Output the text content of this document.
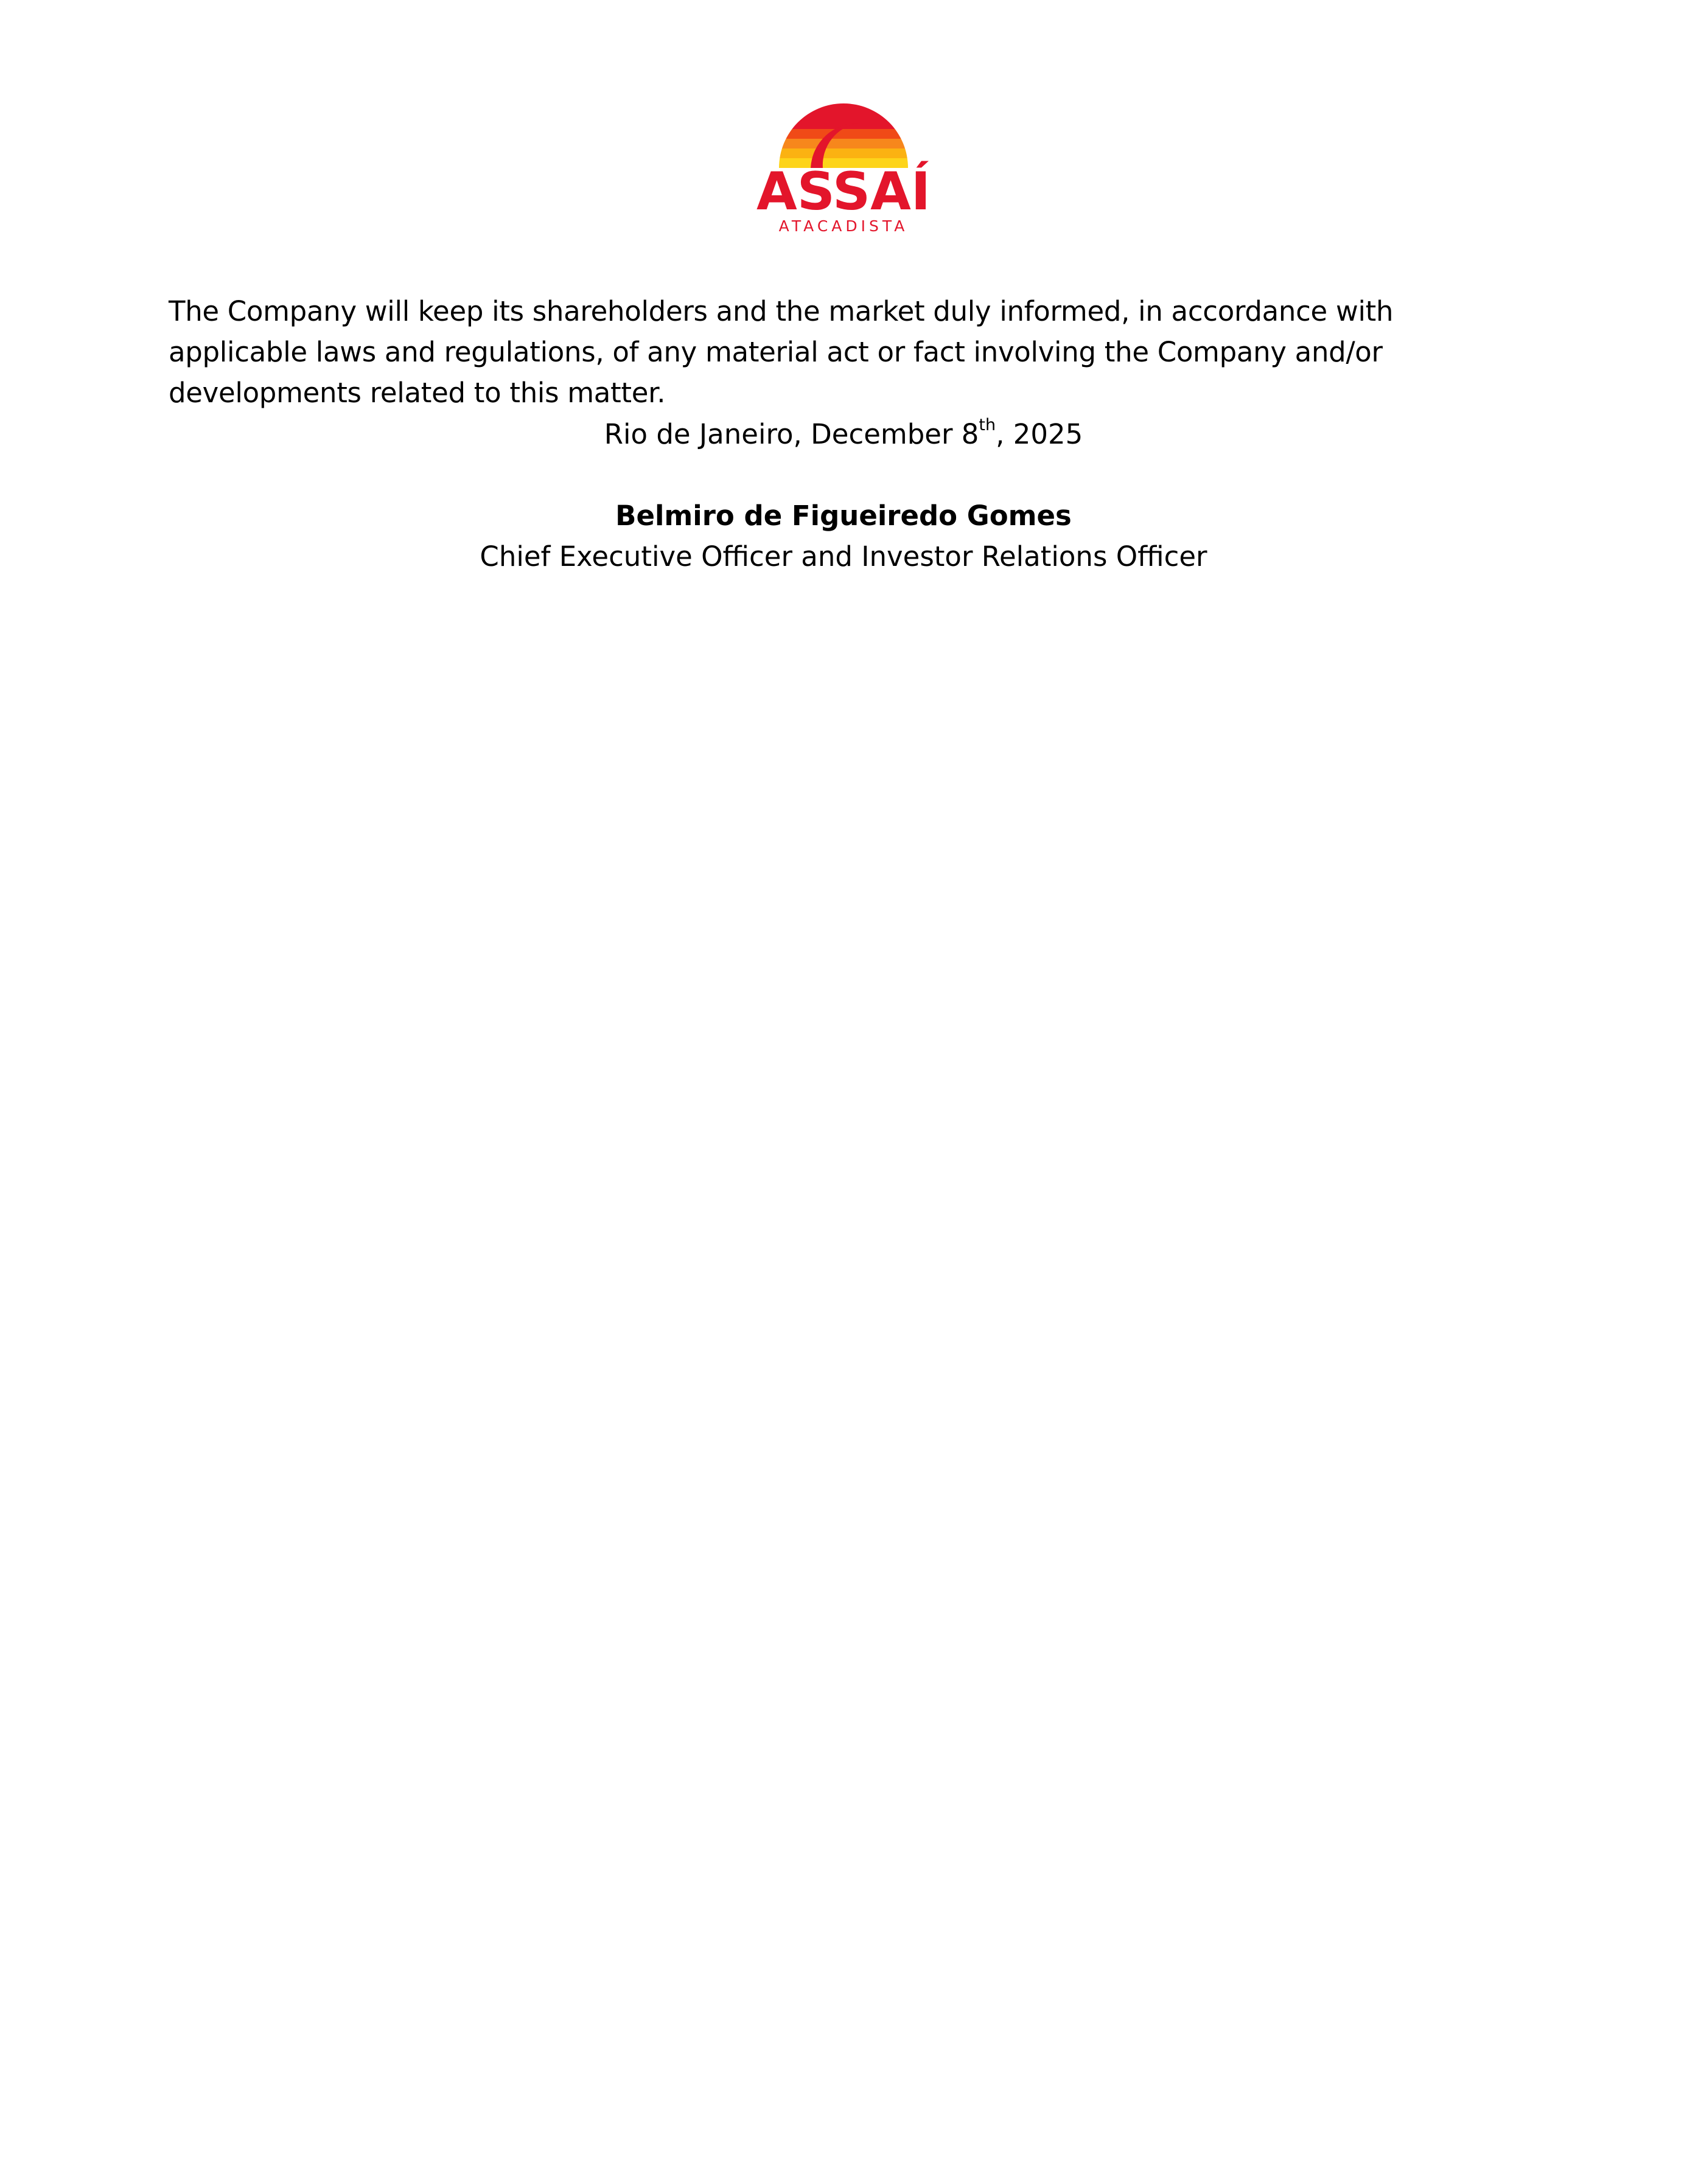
ASSAÍ
ATACADISTA

The Company will keep its shareholders and the market duly informed, in accordance with applicable laws and regulations, of any material act or fact involving the Company and/or developments related to this matter.

Rio de Janeiro, December 8th, 2025

Belmiro de Figueiredo Gomes

Chief Executive Officer and Investor Relations Officer
